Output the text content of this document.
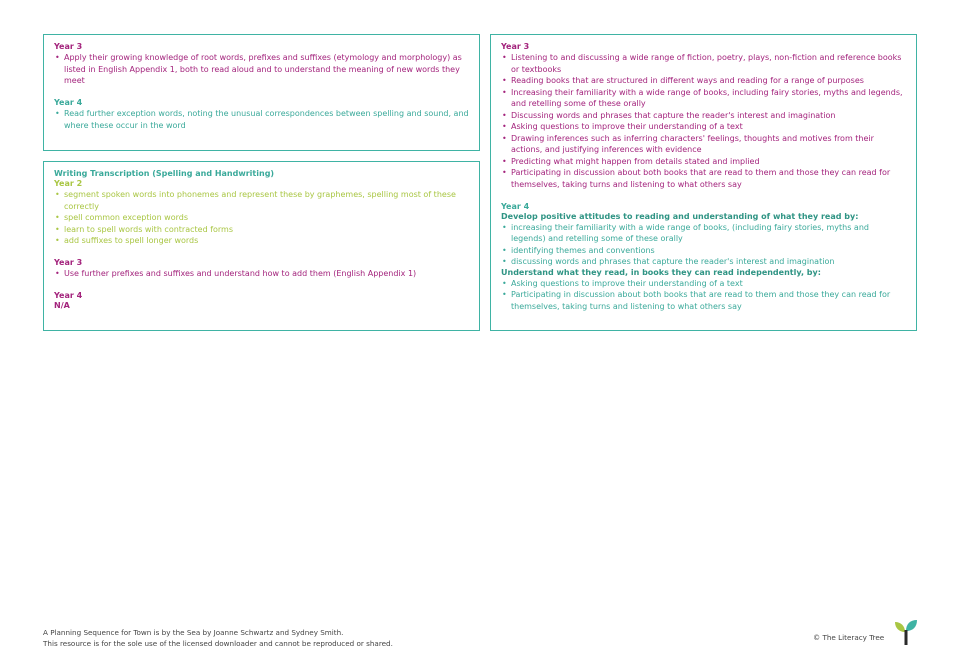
Year 3

• Apply their growing knowledge of root words, prefixes and suffixes (etymology and morphology) as listed in English Appendix 1, both to read aloud and to understand the meaning of new words they meet

Year 4

• Read further exception words, noting the unusual correspondences between spelling and sound, and where these occur in the word

Writing Transcription (Spelling and Handwriting)

Year 2

• segment spoken words into phonemes and represent these by graphemes, spelling most of these correctly
• spell common exception words
• learn to spell words with contracted forms
• add suffixes to spell longer words

Year 3

• Use further prefixes and suffixes and understand how to add them (English Appendix 1)

Year 4

N/A

Year 3

• Listening to and discussing a wide range of fiction, poetry, plays, non-fiction and reference books or textbooks
• Reading books that are structured in different ways and reading for a range of purposes
• Increasing their familiarity with a wide range of books, including fairy stories, myths and legends, and retelling some of these orally
• Discussing words and phrases that capture the reader's interest and imagination
• Asking questions to improve their understanding of a text
• Drawing inferences such as inferring characters' feelings, thoughts and motives from their actions, and justifying inferences with evidence
• Predicting what might happen from details stated and implied
• Participating in discussion about both books that are read to them and those they can read for themselves, taking turns and listening to what others say

Year 4

Develop positive attitudes to reading and understanding of what they read by:

• increasing their familiarity with a wide range of books, (including fairy stories, myths and legends) and retelling some of these orally
• identifying themes and conventions
• discussing words and phrases that capture the reader's interest and imagination

Understand what they read, in books they can read independently, by:

• Asking questions to improve their understanding of a text
• Participating in discussion about both books that are read to them and those they can read for themselves, taking turns and listening to what others say
A Planning Sequence for Town is by the Sea by Joanne Schwartz and Sydney Smith.
This resource is for the sole use of the licensed downloader and cannot be reproduced or shared.
© The Literacy Tree
